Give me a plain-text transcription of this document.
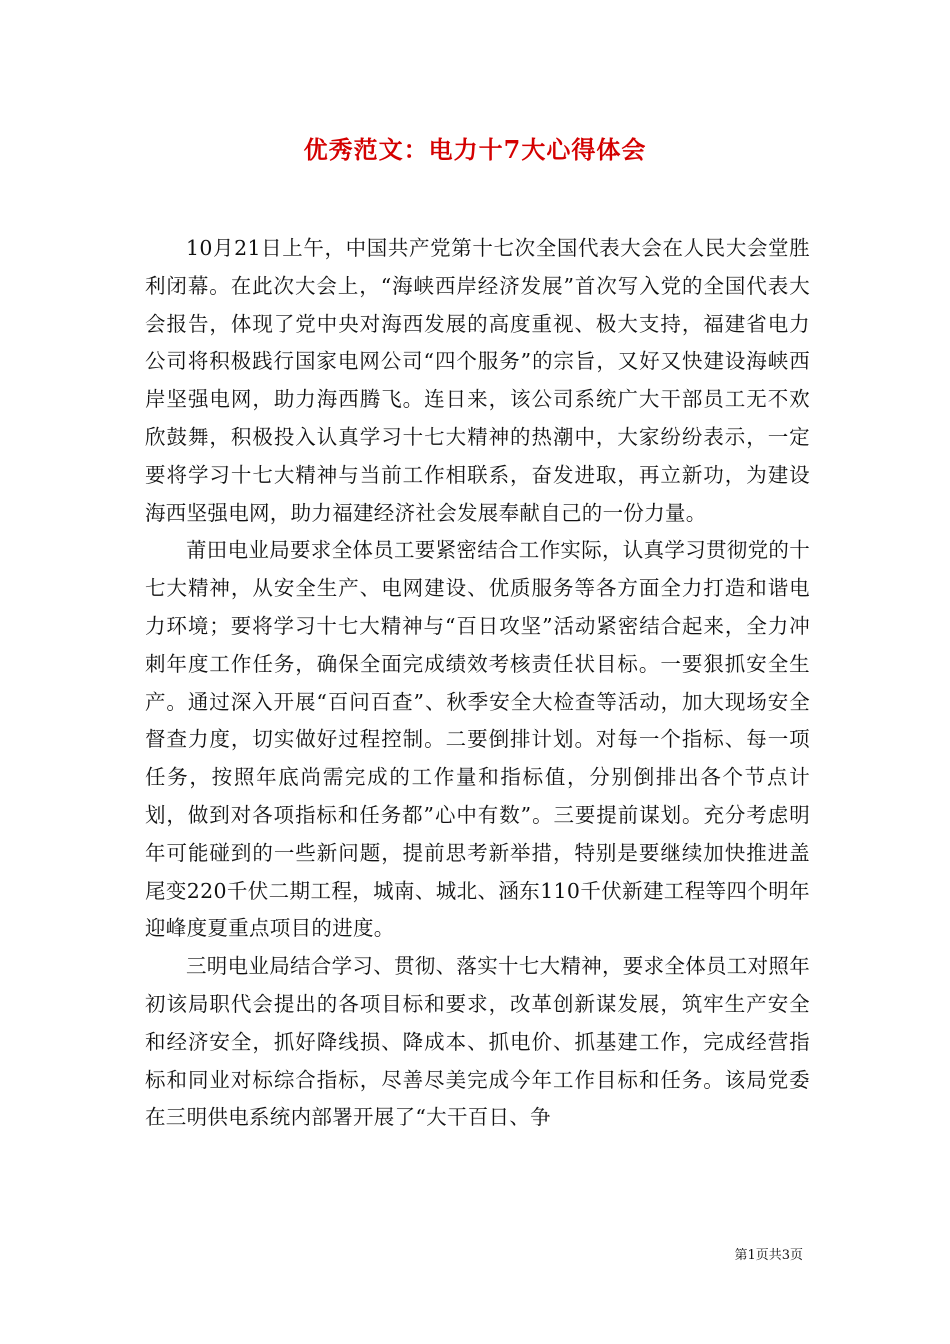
优秀范文：电力十7大心得体会

10月21日上午，中国共产党第十七次全国代表大会在人民大会堂胜利闭幕。在此次大会上，“海峡西岸经济发展”首次写入党的全国代表大会报告，体现了党中央对海西发展的高度重视、极大支持，福建省电力公司将积极践行国家电网公司“四个服务”的宗旨，又好又快建设海峡西岸坚强电网，助力海西腾飞。连日来，该公司系统广大干部员工无不欢欣鼓舞，积极投入认真学习十七大精神的热潮中，大家纷纷表示，一定要将学习十七大精神与当前工作相联系，奋发进取，再立新功，为建设海西坚强电网，助力福建经济社会发展奉献自己的一份力量。

莆田电业局要求全体员工要紧密结合工作实际，认真学习贯彻党的十七大精神，从安全生产、电网建设、优质服务等各方面全力打造和谐电力环境；要将学习十七大精神与“百日攻坚”活动紧密结合起来，全力冲刺年度工作任务，确保全面完成绩效考核责任状目标。一要狠抓安全生产。通过深入开展“百问百查”、秋季安全大检查等活动，加大现场安全督查力度，切实做好过程控制。二要倒排计划。对每一个指标、每一项任务，按照年底尚需完成的工作量和指标值，分别倒排出各个节点计划，做到对各项指标和任务都”心中有数”。三要提前谋划。充分考虑明年可能碰到的一些新问题，提前思考新举措，特别是要继续加快推进盖尾变220千伏二期工程，城南、城北、涵东110千伏新建工程等四个明年迎峰度夏重点项目的进度。

三明电业局结合学习、贯彻、落实十七大精神，要求全体员工对照年初该局职代会提出的各项目标和要求，改革创新谋发展，筑牢生产安全和经济安全，抓好降线损、降成本、抓电价、抓基建工作，完成经营指标和同业对标综合指标，尽善尽美完成今年工作目标和任务。该局党委在三明供电系统内部署开展了“大干百日、争

第1页共3页
